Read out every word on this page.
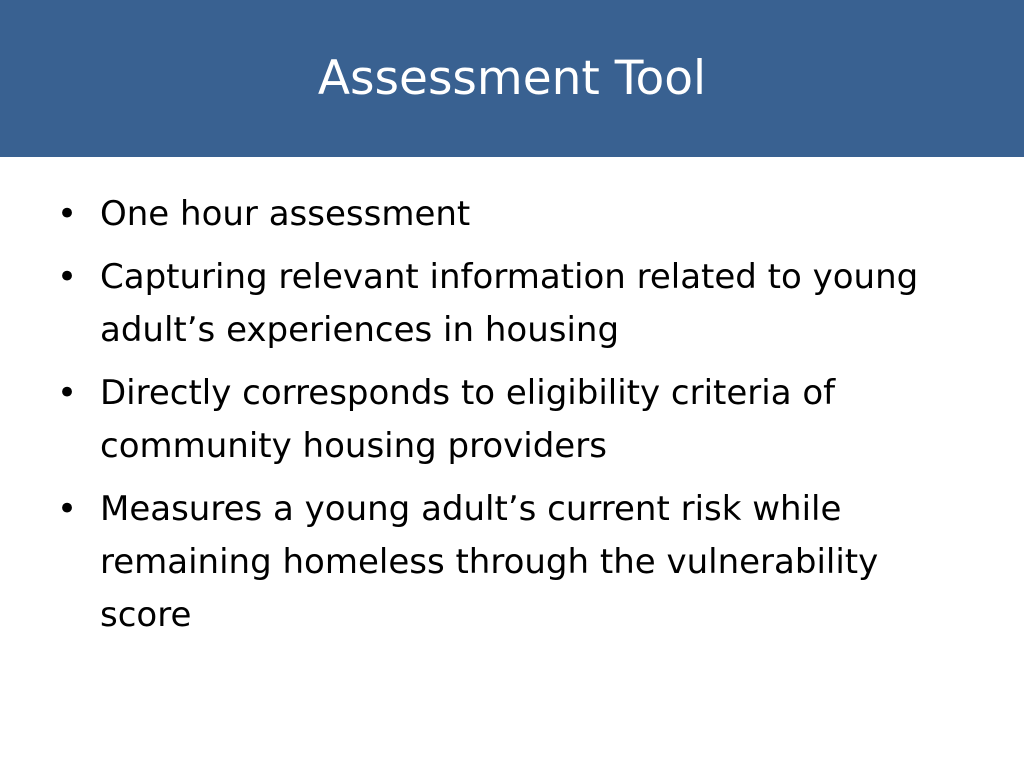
Assessment Tool
• One hour assessment
• Capturing relevant information related to young adult’s experiences in housing
• Directly corresponds to eligibility criteria of community housing providers
• Measures a young adult’s current risk while remaining homeless through the vulnerability score
